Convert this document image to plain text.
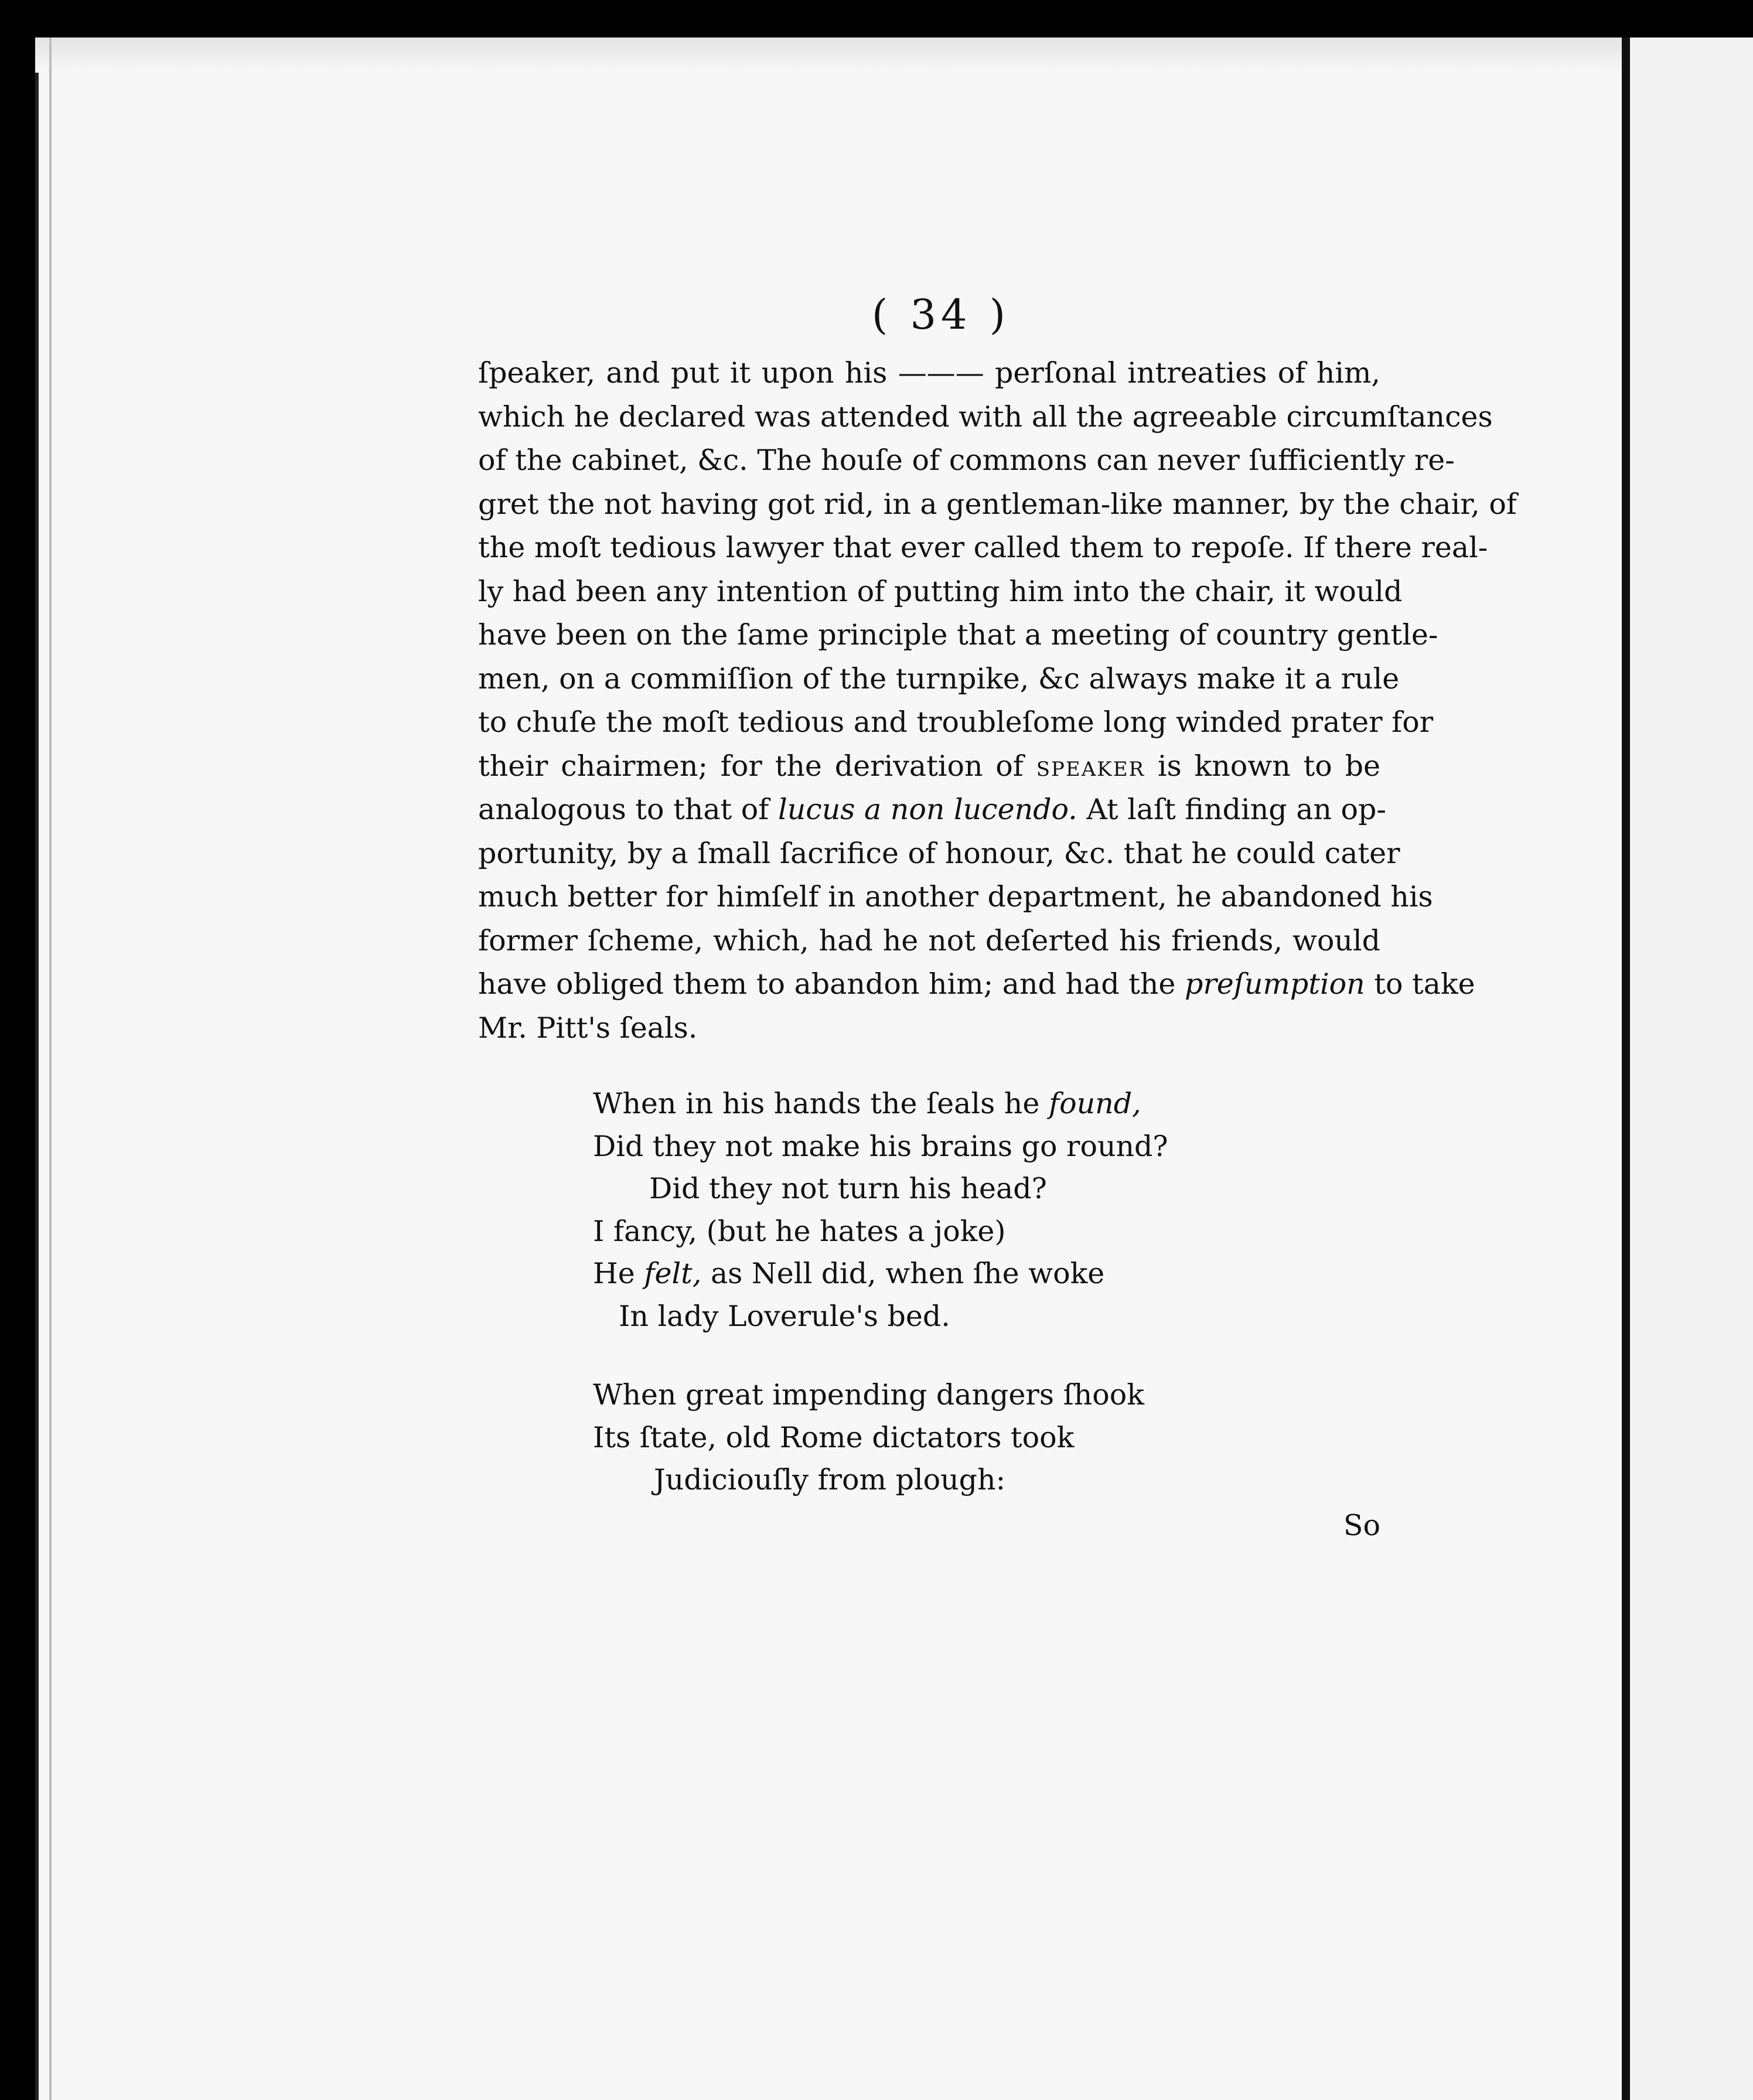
( 34 )
ſpeaker, and put it upon his ——— perſonal intreaties of him,
which he declared was attended with all the agreeable circumſtances
of the cabinet, &c. The houſe of commons can never ſufficiently re-
gret the not having got rid, in a gentleman-like manner, by the chair, of
the moſt tedious lawyer that ever called them to repoſe. If there real-
ly had been any intention of putting him into the chair, it would
have been on the ſame principle that a meeting of country gentle-
men, on a commiſſion of the turnpike, &c always make it a rule
to chuſe the moſt tedious and troubleſome long winded prater for
their chairmen; for the derivation of speaker is known to be
analogous to that of lucus a non lucendo. At laſt finding an op-
portunity, by a ſmall ſacrifice of honour, &c. that he could cater
much better for himſelf in another department, he abandoned his
former ſcheme, which, had he not deſerted his friends, would
have obliged them to abandon him; and had the preſumption to take
Mr. Pitt's ſeals.
When in his hands the ſeals he found,
Did they not make his brains go round?
Did they not turn his head?
I fancy, (but he hates a joke)
He felt, as Nell did, when ſhe woke
In lady Loverule's bed.
When great impending dangers ſhook
Its ſtate, old Rome dictators took
Judiciouſly from plough:
So
